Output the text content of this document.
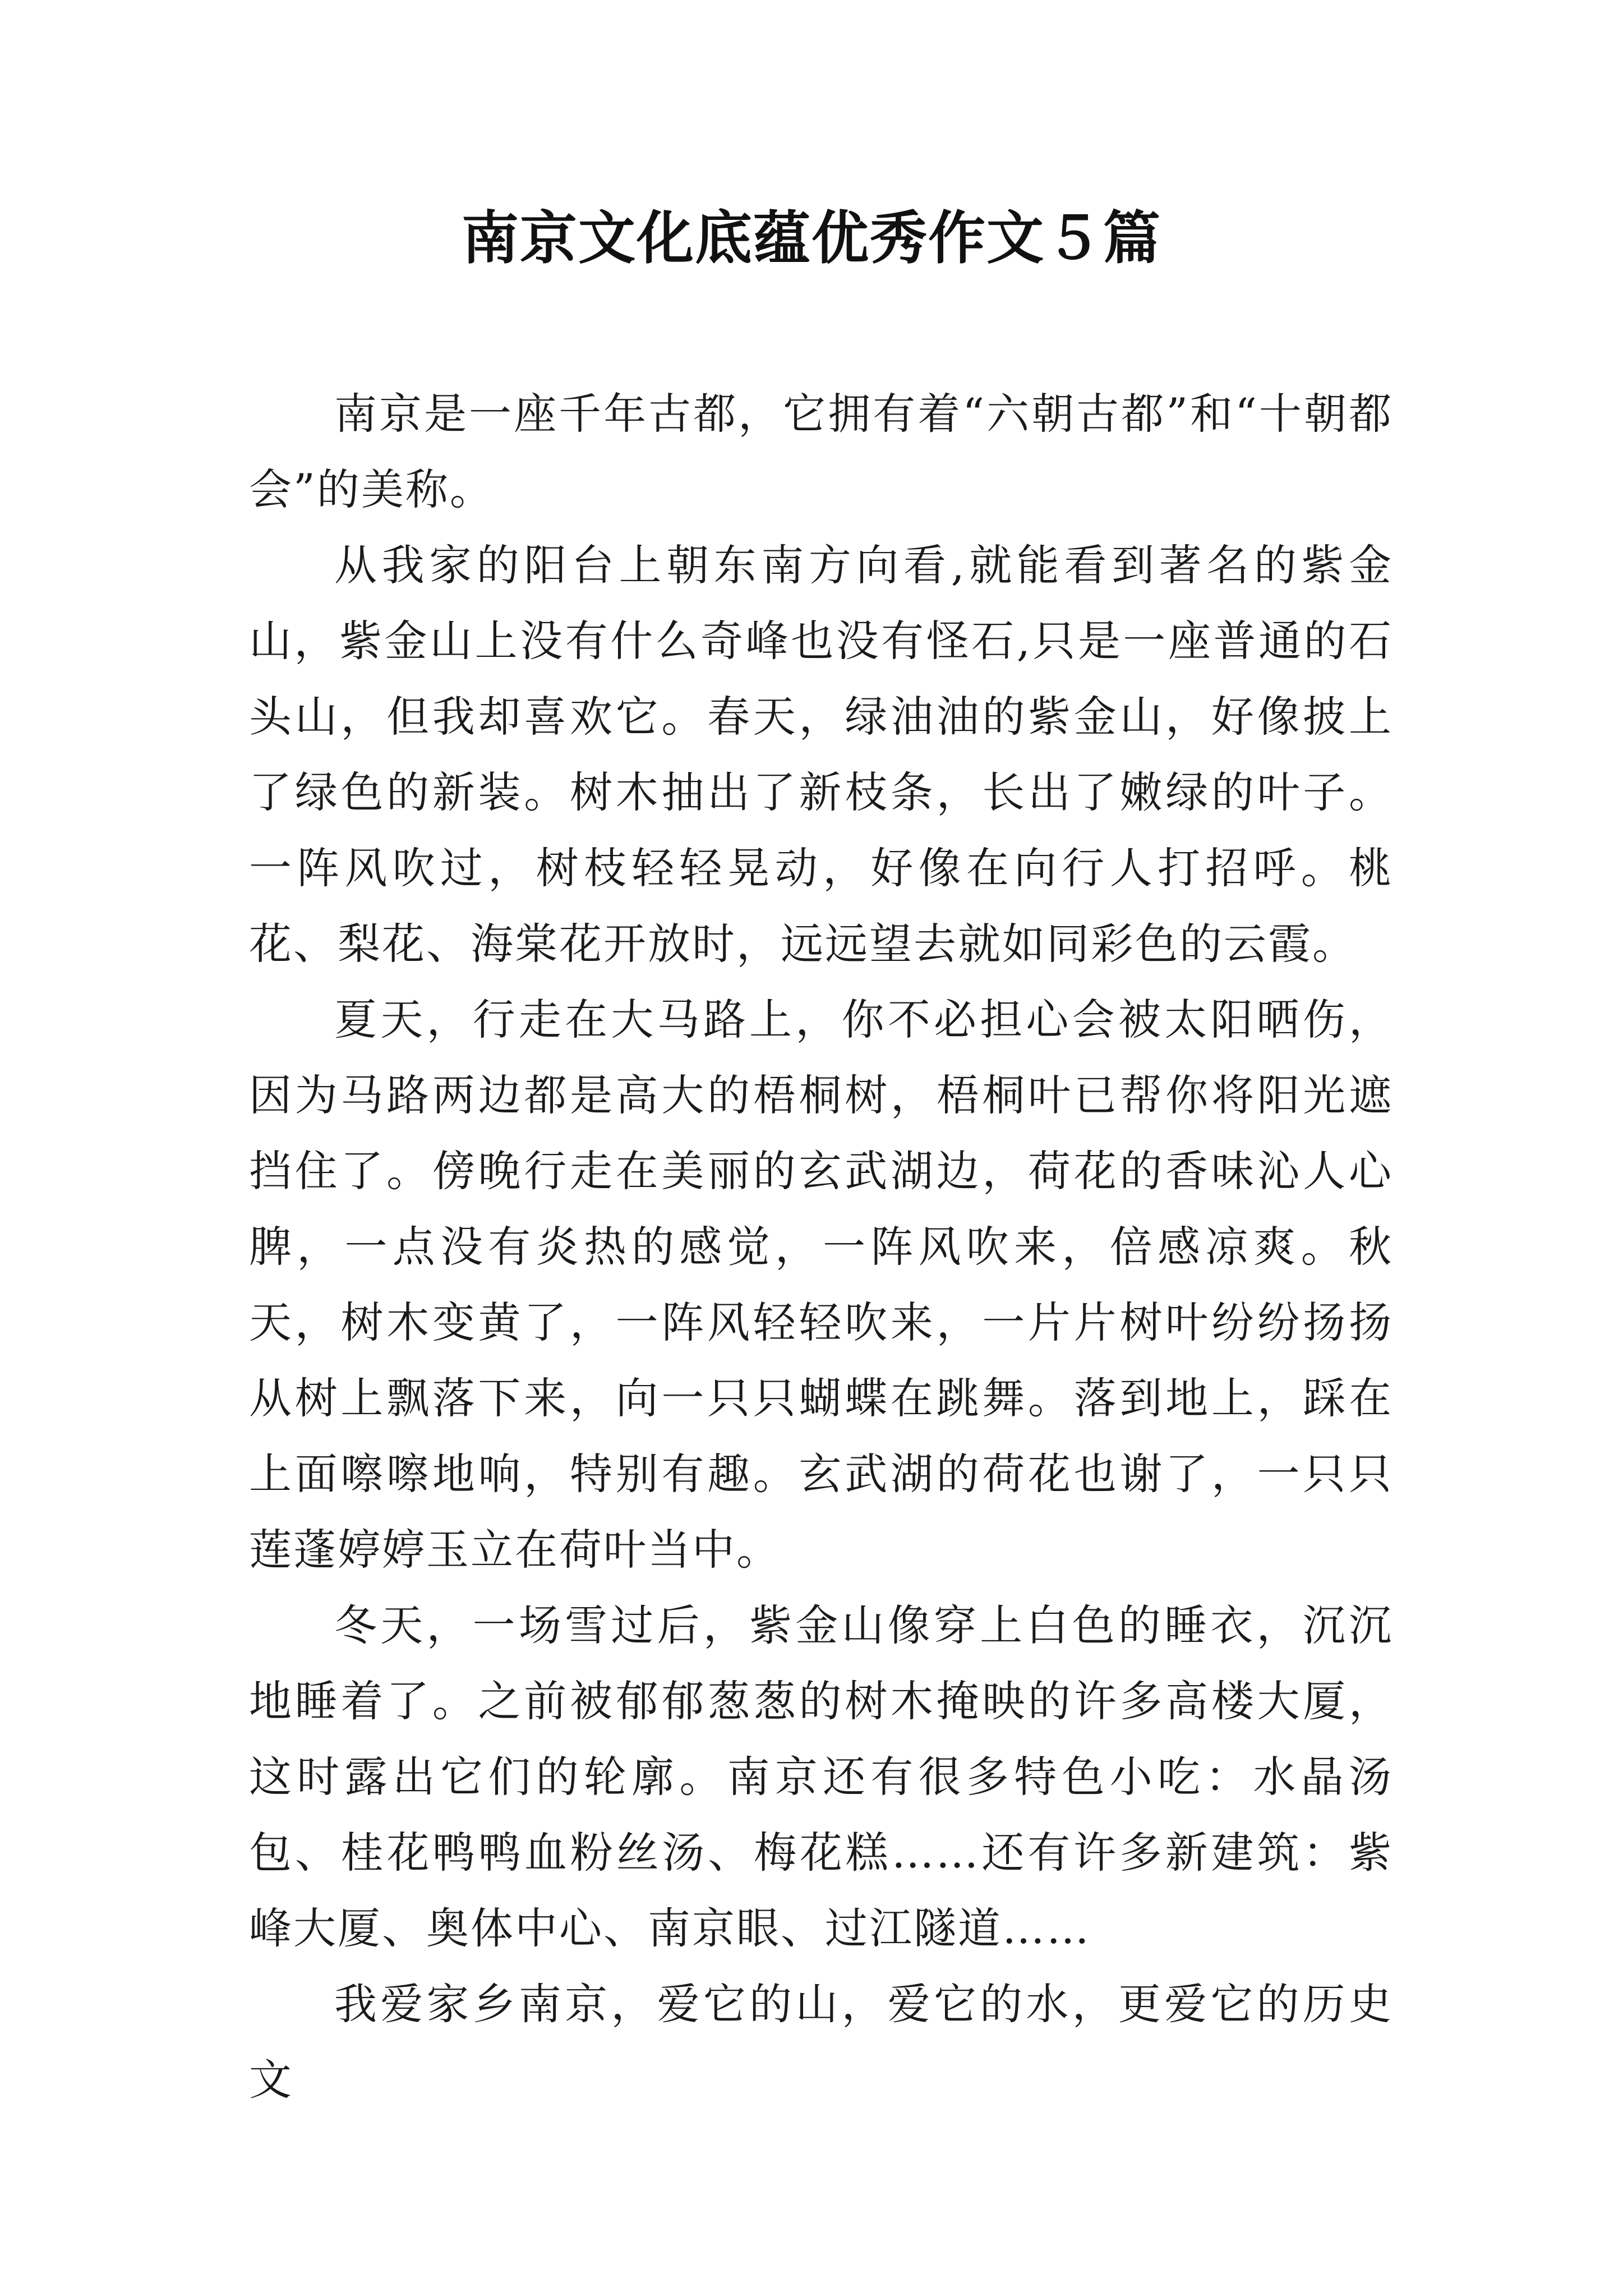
南京文化底蕴优秀作文５篇

南京是一座千年古都，它拥有着“六朝古都”和“十朝都会”的美称。

从我家的阳台上朝东南方向看,就能看到著名的紫金山，紫金山上没有什么奇峰也没有怪石,只是一座普通的石头山，但我却喜欢它。春天，绿油油的紫金山，好像披上了绿色的新装。树木抽出了新枝条，长出了嫩绿的叶子。一阵风吹过，树枝轻轻晃动，好像在向行人打招呼。桃花、梨花、海棠花开放时，远远望去就如同彩色的云霞。

夏天，行走在大马路上，你不必担心会被太阳晒伤，因为马路两边都是高大的梧桐树，梧桐叶已帮你将阳光遮挡住了。傍晚行走在美丽的玄武湖边，荷花的香味沁人心脾，一点没有炎热的感觉，一阵风吹来，倍感凉爽。秋天，树木变黄了，一阵风轻轻吹来，一片片树叶纷纷扬扬从树上飘落下来，向一只只蝴蝶在跳舞。落到地上，踩在上面嚓嚓地响，特别有趣。玄武湖的荷花也谢了，一只只莲蓬婷婷玉立在荷叶当中。

冬天，一场雪过后，紫金山像穿上白色的睡衣，沉沉地睡着了。之前被郁郁葱葱的树木掩映的许多高楼大厦，这时露出它们的轮廓。南京还有很多特色小吃：水晶汤包、桂花鸭鸭血粉丝汤、梅花糕……还有许多新建筑：紫峰大厦、奥体中心、南京眼、过江隧道……

我爱家乡南京，爱它的山，爱它的水，更爱它的历史文
